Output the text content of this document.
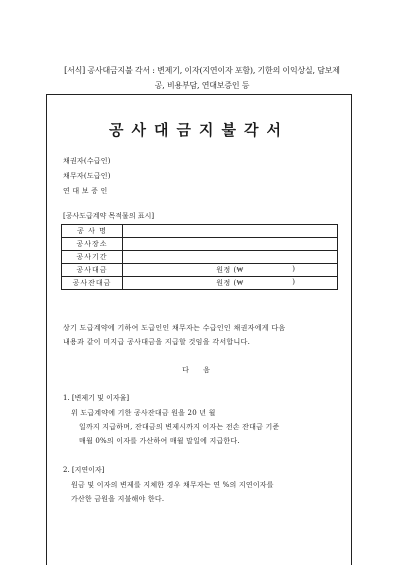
[서식] 공사대금지불 각서 : 변제기, 이자(지연이자 포함), 기한의 이익상실, 담보제
공, 비용부담, 연대보증인 등
공사대금지불각서
채권자(수급인)
채무자(도급인)
연 대 보 증 인
[공사도급계약 목적물의 표시]
공 사 명	
공사장소	
공사기간	
공사대금	원정 (₩ )

공사잔대금	원정 (₩ )
상기 도급계약에 기하여 도급인인 채무자는 수급인인 채권자에게 다음
내용과 같이 미지급 공사대금을 지급할 것임을 각서합니다.
다 음
1. [변제기 및 이자율]
위 도급계약에 기한 공사잔대금 원을 20 년 월
일까지 지급하며, 잔대금의 변제시까지 이자는 전손 잔대금 기준
매월 0%의 이자를 가산하여 매월 말일에 지급한다.
2. [지연이자]
원금 및 이자의 변제를 지체한 경우 채무자는 연 %의 지연이자를
가산한 금원을 지불해야 한다.
